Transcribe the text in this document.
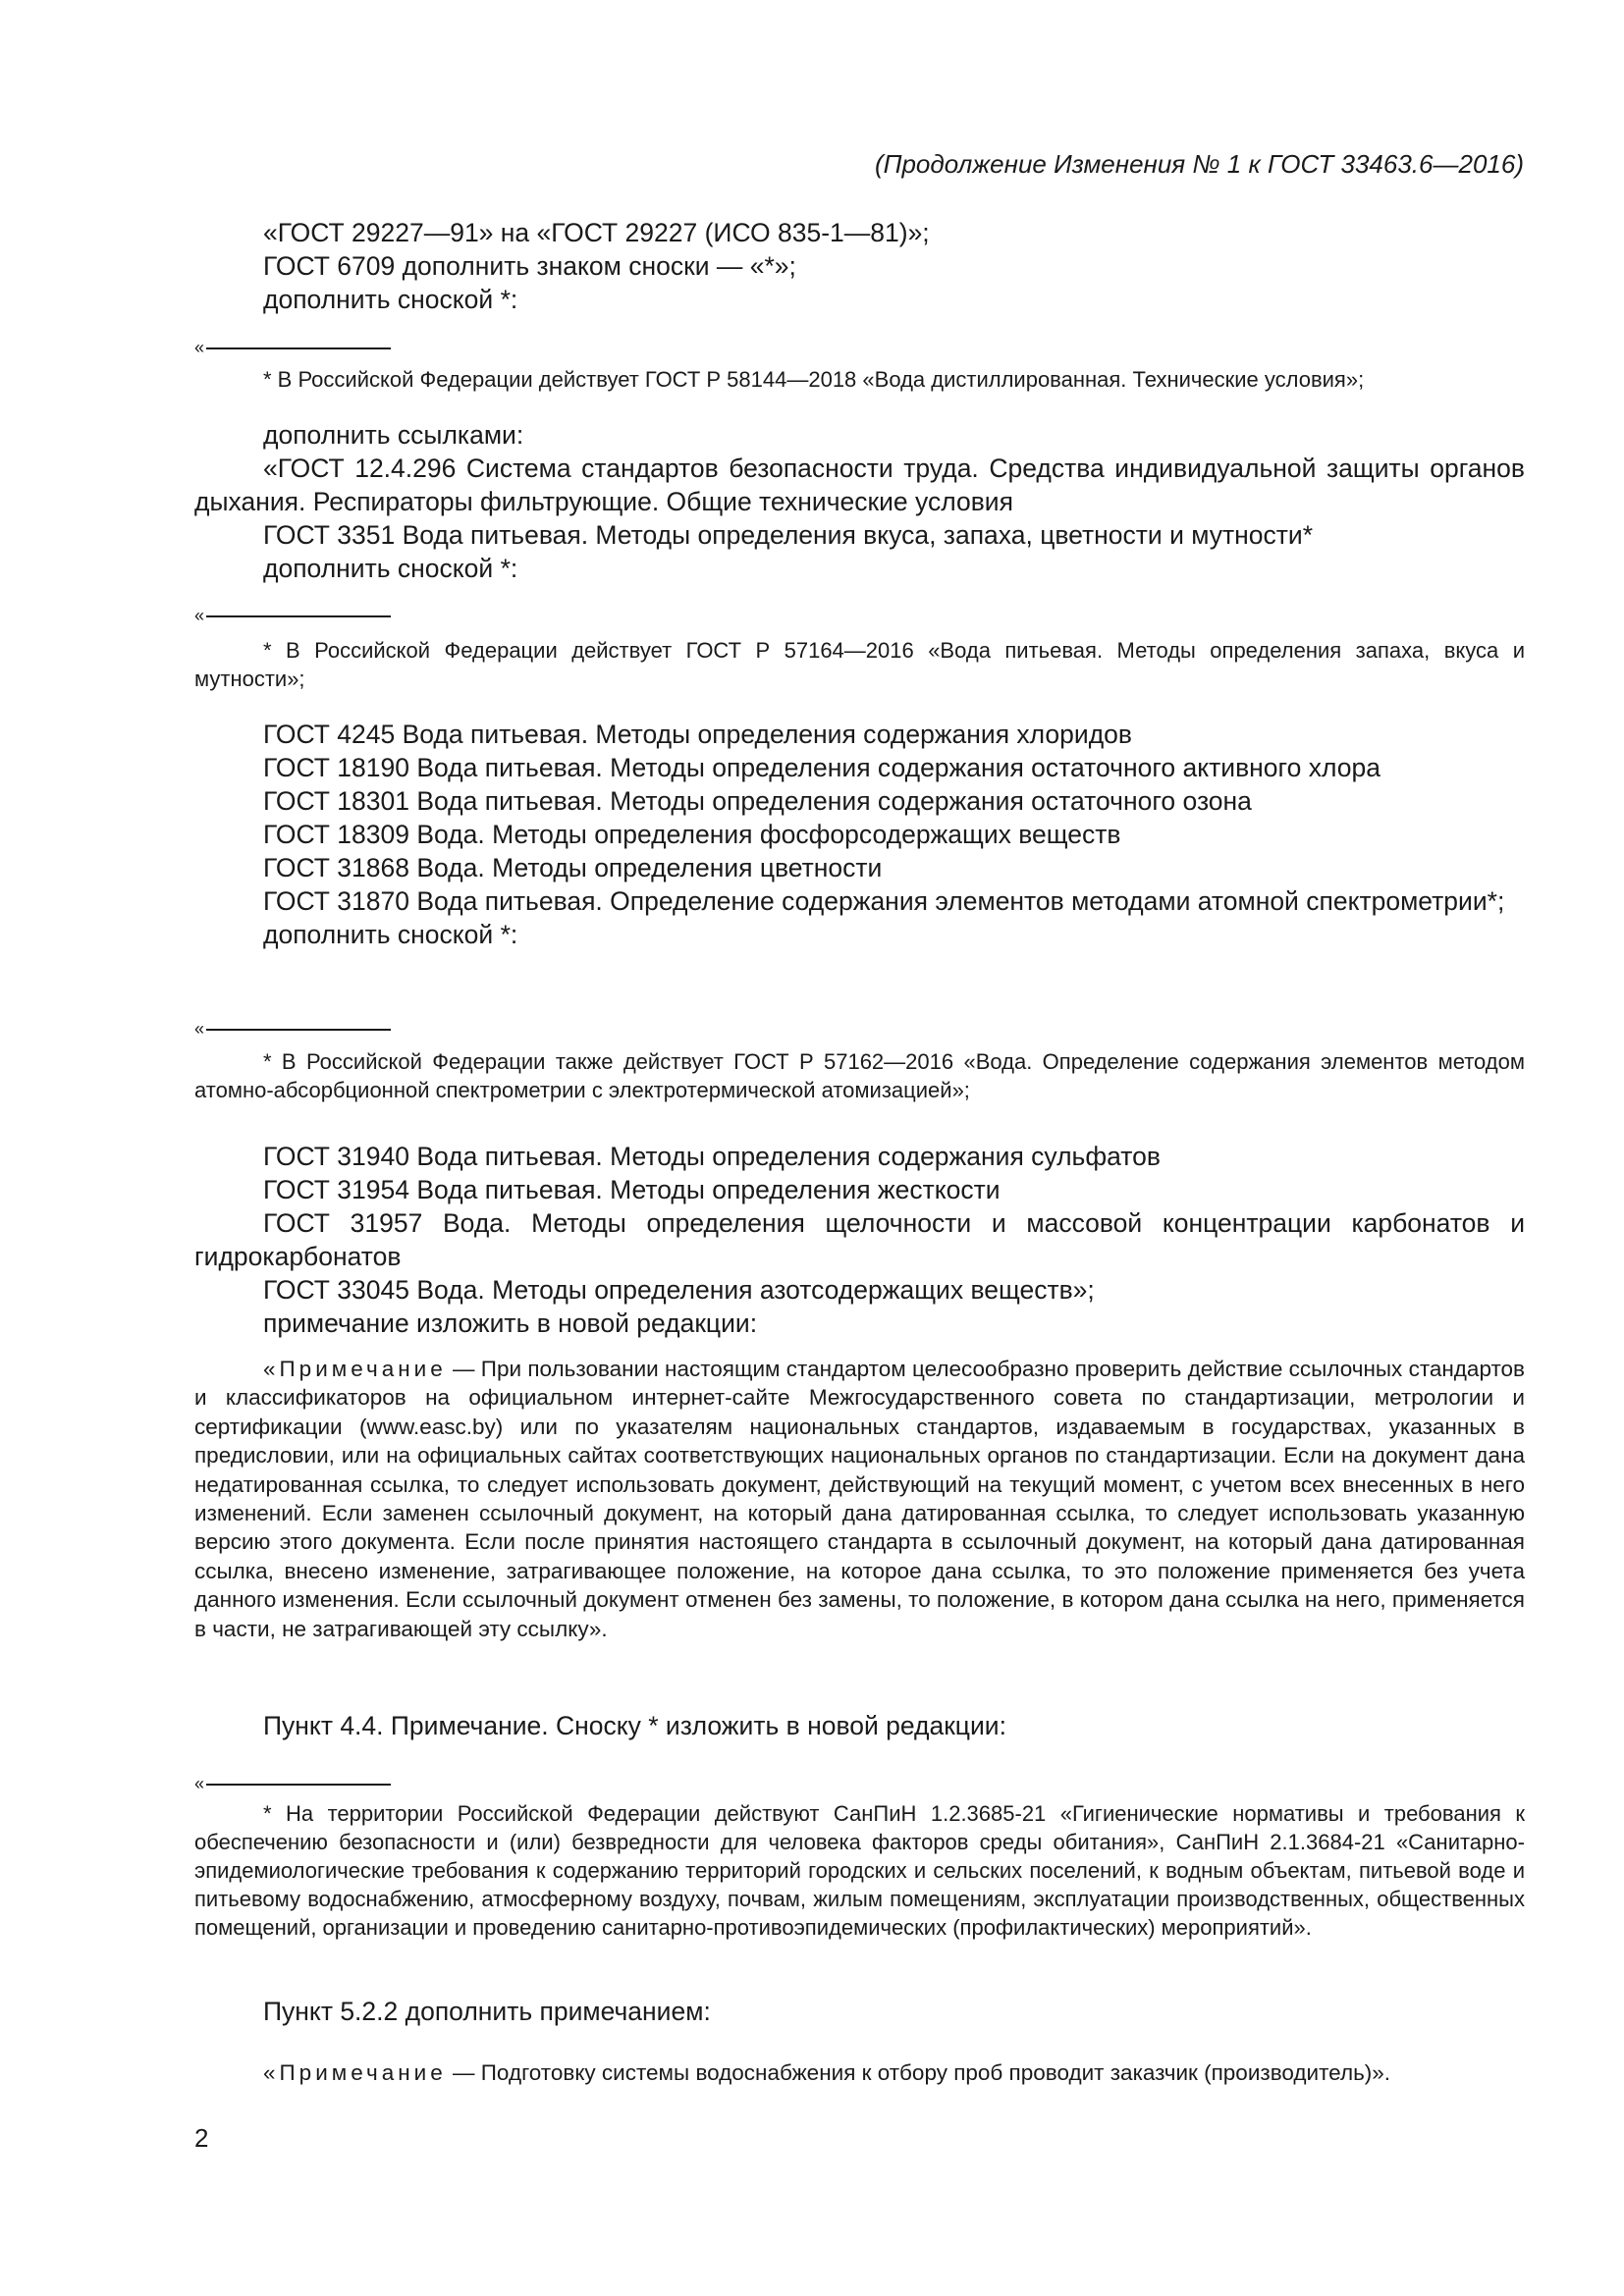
(Продолжение Изменения № 1 к ГОСТ 33463.6—2016)

«ГОСТ 29227—91» на «ГОСТ 29227 (ИСО 835-1—81)»;

ГОСТ 6709 дополнить знаком сноски — «*»;

дополнить сноской *:

«

* В Российской Федерации действует ГОСТ Р 58144—2018 «Вода дистиллированная. Технические условия»;

дополнить ссылками:

«ГОСТ 12.4.296 Система стандартов безопасности труда. Средства индивидуальной защиты органов дыхания. Респираторы фильтрующие. Общие технические условия

ГОСТ 3351 Вода питьевая. Методы определения вкуса, запаха, цветности и мутности*

дополнить сноской *:

«

* В Российской Федерации действует ГОСТ Р 57164—2016 «Вода питьевая. Методы определения запаха, вкуса и мутности»;

ГОСТ 4245 Вода питьевая. Методы определения содержания хлоридов

ГОСТ 18190 Вода питьевая. Методы определения содержания остаточного активного хлора

ГОСТ 18301 Вода питьевая. Методы определения содержания остаточного озона

ГОСТ 18309 Вода. Методы определения фосфорсодержащих веществ

ГОСТ 31868 Вода. Методы определения цветности

ГОСТ 31870 Вода питьевая. Определение содержания элементов методами атомной спектрометрии*;

дополнить сноской *:

«

* В Российской Федерации также действует ГОСТ Р 57162—2016 «Вода. Определение содержания элементов методом атомно-абсорбционной спектрометрии с электротермической атомизацией»;

ГОСТ 31940 Вода питьевая. Методы определения содержания сульфатов

ГОСТ 31954 Вода питьевая. Методы определения жесткости

ГОСТ 31957 Вода. Методы определения щелочности и массовой концентрации карбонатов и гидрокарбонатов

ГОСТ 33045 Вода. Методы определения азотсодержащих веществ»;

примечание изложить в новой редакции:

«Примечание — При пользовании настоящим стандартом целесообразно проверить действие ссылочных стандартов и классификаторов на официальном интернет-сайте Межгосударственного совета по стандартизации, метрологии и сертификации (www.easc.by) или по указателям национальных стандартов, издаваемым в государствах, указанных в предисловии, или на официальных сайтах соответствующих национальных органов по стандартизации. Если на документ дана недатированная ссылка, то следует использовать документ, действующий на текущий момент, с учетом всех внесенных в него изменений. Если заменен ссылочный документ, на который дана датированная ссылка, то следует использовать указанную версию этого документа. Если после принятия настоящего стандарта в ссылочный документ, на который дана датированная ссылка, внесено изменение, затрагивающее положение, на которое дана ссылка, то это положение применяется без учета данного изменения. Если ссылочный документ отменен без замены, то положение, в котором дана ссылка на него, применяется в части, не затрагивающей эту ссылку».

Пункт 4.4. Примечание. Сноску * изложить в новой редакции:

«

* На территории Российской Федерации действуют СанПиН 1.2.3685-21 «Гигиенические нормативы и требования к обеспечению безопасности и (или) безвредности для человека факторов среды обитания», СанПиН 2.1.3684-21 «Санитарно-эпидемиологические требования к содержанию территорий городских и сельских поселений, к водным объектам, питьевой воде и питьевому водоснабжению, атмосферному воздуху, почвам, жилым помещениям, эксплуатации производственных, общественных помещений, организации и проведению санитарно-противоэпидемических (профилактических) мероприятий».

Пункт 5.2.2 дополнить примечанием:

«Примечание — Подготовку системы водоснабжения к отбору проб проводит заказчик (производитель)».

2
